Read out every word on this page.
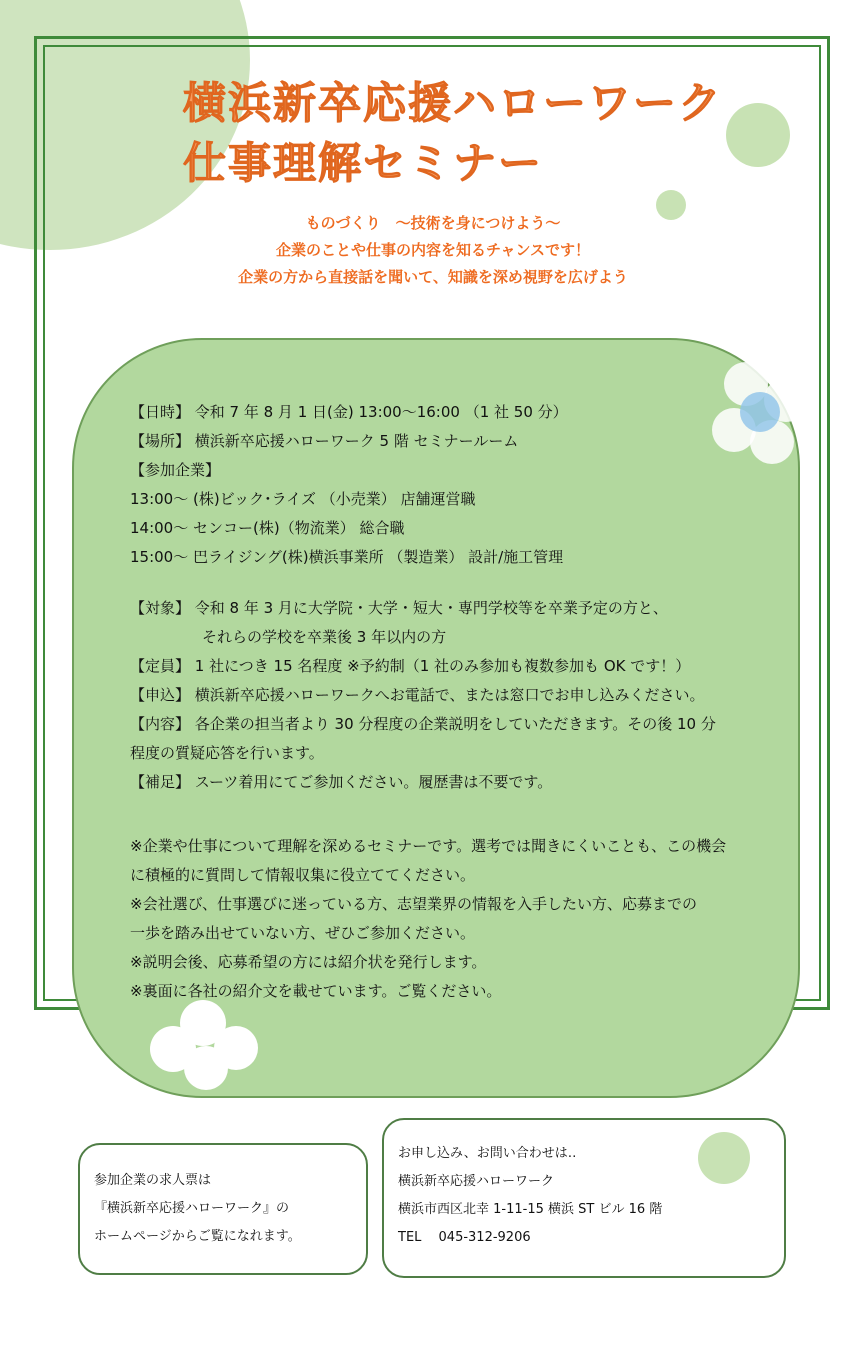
横浜新卒応援ハローワーク
仕事理解セミナー
ものづくり　～技術を身につけよう～
企業のことや仕事の内容を知るチャンスです！
企業の方から直接話を聞いて、知識を深め視野を広げよう
【日時】 令和 7 年 8 月 1 日(金) 13:00～16:00 （1 社 50 分）
【場所】 横浜新卒応援ハローワーク 5 階 セミナールーム
【参加企業】
13:00～ (株)ビック･ライズ （小売業） 店舗運営職
14:00～ センコー(株)（物流業） 総合職
15:00～ 巴ライジング(株)横浜事業所 （製造業） 設計/施工管理
【対象】 令和 8 年 3 月に大学院・大学・短大・専門学校等を卒業予定の方と、
それらの学校を卒業後 3 年以内の方
【定員】 1 社につき 15 名程度 ※予約制（1 社のみ参加も複数参加も OK です！）
【申込】 横浜新卒応援ハローワークへお電話で、または窓口でお申し込みください。
【内容】 各企業の担当者より 30 分程度の企業説明をしていただきます。その後 10 分
程度の質疑応答を行います。
【補足】 スーツ着用にてご参加ください。履歴書は不要です。
※企業や仕事について理解を深めるセミナーです。選考では聞きにくいことも、この機会
に積極的に質問して情報収集に役立ててください。
※会社選び、仕事選びに迷っている方、志望業界の情報を入手したい方、応募までの
一歩を踏み出せていない方、ぜひご参加ください。
※説明会後、応募希望の方には紹介状を発行します。
※裏面に各社の紹介文を載せています。ご覧ください。
参加企業の求人票は
『横浜新卒応援ハローワーク』の
ホームページからご覧になれます。
お申し込み、お問い合わせは‥
横浜新卒応援ハローワーク
横浜市西区北幸 1-11-15 横浜 ST ビル 16 階
TEL　 045-312-9206
